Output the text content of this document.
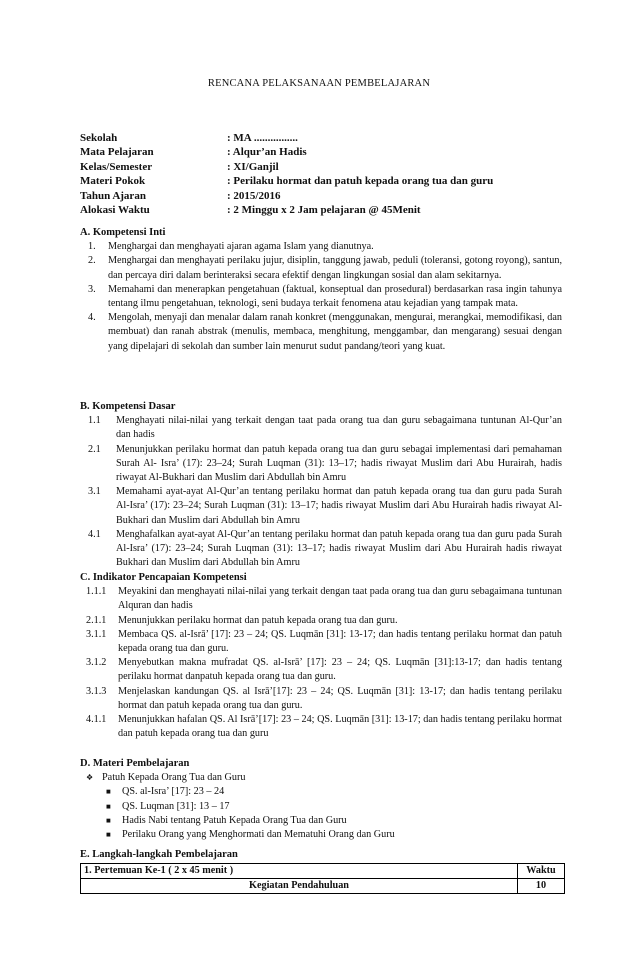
RENCANA PELAKSANAAN PEMBELAJARAN
Sekolah	: MA ................
Mata Pelajaran	: Alqur’an Hadis
Kelas/Semester	: XI/Ganjil
Materi Pokok	: Perilaku hormat dan patuh kepada orang tua dan guru
Tahun Ajaran	: 2015/2016
Alokasi Waktu	: 2 Minggu x 2 Jam pelajaran @ 45Menit
A. Kompetensi Inti
1.	Menghargai dan menghayati ajaran agama Islam yang dianutnya.
2.	Menghargai dan menghayati perilaku jujur, disiplin, tanggung jawab, peduli (toleransi, gotong royong), santun, dan percaya diri dalam berinteraksi secara efektif dengan lingkungan sosial dan alam sekitarnya.
3.	Memahami dan menerapkan pengetahuan (faktual, konseptual dan prosedural) berdasarkan rasa ingin tahunya tentang ilmu pengetahuan, teknologi, seni budaya terkait fenomena atau kejadian yang tampak mata.
4.	Mengolah, menyaji dan menalar dalam ranah konkret (menggunakan, mengurai, merangkai, memodifikasi, dan membuat) dan ranah abstrak (menulis, membaca, menghitung, menggambar, dan mengarang) sesuai dengan yang dipelajari di sekolah dan sumber lain menurut sudut pandang/teori yang kuat.
B. Kompetensi Dasar
1.1	Menghayati nilai-nilai yang terkait dengan taat pada orang tua dan guru sebagaimana tuntunan Al-Qur’an dan hadis
2.1	Menunjukkan perilaku hormat dan patuh kepada orang tua dan guru sebagai implementasi dari pemahaman Surah Al- Isra’ (17): 23–24; Surah Luqman (31): 13–17; hadis riwayat Muslim dari Abu Hurairah, hadis riwayat Al-Bukhari dan Muslim dari Abdullah bin Amru
3.1	Memahami ayat-ayat Al-Qur’an tentang perilaku hormat dan patuh kepada orang tua dan guru pada Surah Al-Isra’ (17): 23–24; Surah Luqman (31): 13–17; hadis riwayat Muslim dari Abu Hurairah hadis riwayat Al-Bukhari dan Muslim dari Abdullah bin Amru
4.1	Menghafalkan ayat-ayat Al-Qur’an tentang perilaku hormat dan patuh kepada orang tua dan guru pada Surah Al-Isra’ (17): 23–24; Surah Luqman (31): 13–17; hadis riwayat Muslim dari Abu Hurairah hadis riwayat Bukhari dan Muslim dari Abdullah bin Amru
C. Indikator Pencapaian Kompetensi
1.1.1	Meyakini dan menghayati nilai-nilai yang terkait dengan taat pada orang tua dan guru sebagaimana tuntunan Alquran dan hadis
2.1.1	Menunjukkan perilaku hormat dan patuh kepada orang tua dan guru.
3.1.1	Membaca QS. al-Isrā’ [17]: 23 – 24; QS. Luqmān [31]: 13-17; dan hadis tentang perilaku hormat dan patuh kepada orang tua dan guru.
3.1.2	Menyebutkan makna mufradat QS. al-Isrā’ [17]: 23 – 24; QS. Luqmān [31]:13-17; dan hadis tentang perilaku hormat danpatuh kepada orang tua dan guru.
3.1.3	Menjelaskan kandungan QS. al Isrā’[17]: 23 – 24; QS. Luqmān [31]: 13-17; dan hadis tentang perilaku hormat dan patuh kepada orang tua dan guru.
4.1.1	Menunjukkan hafalan QS. Al Isrā’[17]: 23 – 24; QS. Luqmān [31]: 13-17; dan hadis tentang perilaku hormat dan patuh kepada orang tua dan guru
D. Materi Pembelajaran
❖ Patuh Kepada Orang Tua dan Guru
■	QS. al-Isra’ [17]: 23 – 24
■	QS. Luqman [31]: 13 – 17
■	Hadis Nabi tentang Patuh Kepada Orang Tua dan Guru
■	Perilaku Orang yang Menghormati dan Mematuhi Orang dan Guru
E. Langkah-langkah Pembelajaran
1. Pertemuan Ke-1 ( 2 x 45 menit )	Waktu
Kegiatan Pendahuluan	10
